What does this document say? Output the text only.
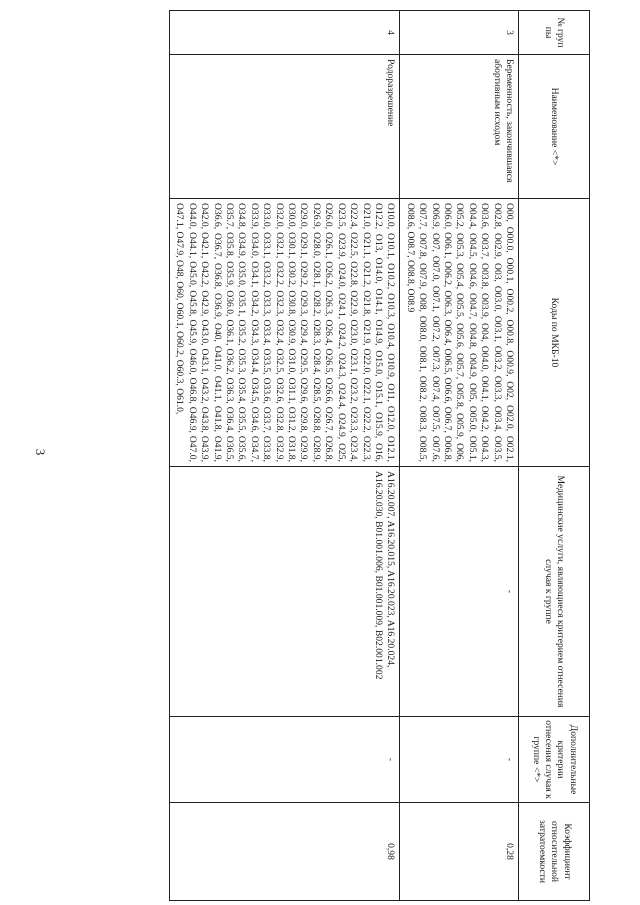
3
№ груп пы	Наименование <*>	Коды по МКБ-10	Медицинские услуги, являющиеся критерием отнесения случая к группе	Дополнительные критерии отнесения случая к группе <*>	Коэффициент относительной затратоемкости
3	Беременность, закончившаяся абортивным исходом	O00, O00.0, O00.1, O00.2, O00.8, O00.9, O02, O02.0, O02.1, O02.8, O02.9, O03, O03.0, O03.1, O03.2, O03.3, O03.4, O03.5, O03.6, O03.7, O03.8, O03.9, O04, O04.0, O04.1, O04.2, O04.3, O04.4, O04.5, O04.6, O04.7, O04.8, O04.9, O05, O05.0, O05.1, O05.2, O05.3, O05.4, O05.5, O05.6, O05.7, O05.8, O05.9, O06, O06.0, O06.1, O06.2, O06.3, O06.4, O06.5, O06.6, O06.7, O06.8, O06.9, O07, O07.0, O07.1, O07.2, O07.3, O07.4, O07.5, O07.6, O07.7, O07.8, O07.9, O08, O08.0, O08.1, O08.2, O08.3, O08.5, O08.6, O08.7, O08.8, O08.9	-	-	0,28
4	Родоразрешение	O10.0, O10.1, O10.2, O10.3, O10.4, O10.9, O11, O12.0, O12.1, O12.2, O13, O14.0, O14.1, O14.9, O15.0, O15.1, O15.9, O16, O21.0, O21.1, O21.2, O21.8, O21.9, O22.0, O22.1, O22.2, O22.3, O22.4, O22.5, O22.8, O22.9, O23.0, O23.1, O23.2, O23.3, O23.4, O23.5, O23.9, O24.0, O24.1, O24.2, O24.3, O24.4, O24.9, O25, O26.0, O26.1, O26.2, O26.3, O26.4, O26.5, O26.6, O26.7, O26.8, O26.9, O28.0, O28.1, O28.2, O28.3, O28.4, O28.5, O28.8, O28.9, O29.0, O29.1, O29.2, O29.3, O29.4, O29.5, O29.6, O29.8, O29.9, O30.0, O30.1, O30.2, O30.8, O30.9, O31.0, O31.1, O31.2, O31.8, O32.0, O32.1, O32.2, O32.3, O32.4, O32.5, O32.6, O32.8, O32.9, O33.0, O33.1, O33.2, O33.3, O33.4, O33.5, O33.6, O33.7, O33.8, O33.9, O34.0, O34.1, O34.2, O34.3, O34.4, O34.5, O34.6, O34.7, O34.8, O34.9, O35.0, O35.1, O35.2, O35.3, O35.4, O35.5, O35.6, O35.7, O35.8, O35.9, O36.0, O36.1, O36.2, O36.3, O36.4, O36.5, O36.6, O36.7, O36.8, O36.9, O40, O41.0, O41.1, O41.8, O41.9, O42.0, O42.1, O42.2, O42.9, O43.0, O43.1, O43.2, O43.8, O43.9, O44.0, O44.1, O45.0, O45.8, O45.9, O46.0, O46.8, O46.9, O47.0, O47.1, O47.9, O48, O60, O60.1, O60.2, O60.3, O61.0,	A16.20.007, A16.20.015, A16.20.023, A16.20.024, A16.20.030, B01.001.006, B01.001.009, B02.001.002	-	0,98
